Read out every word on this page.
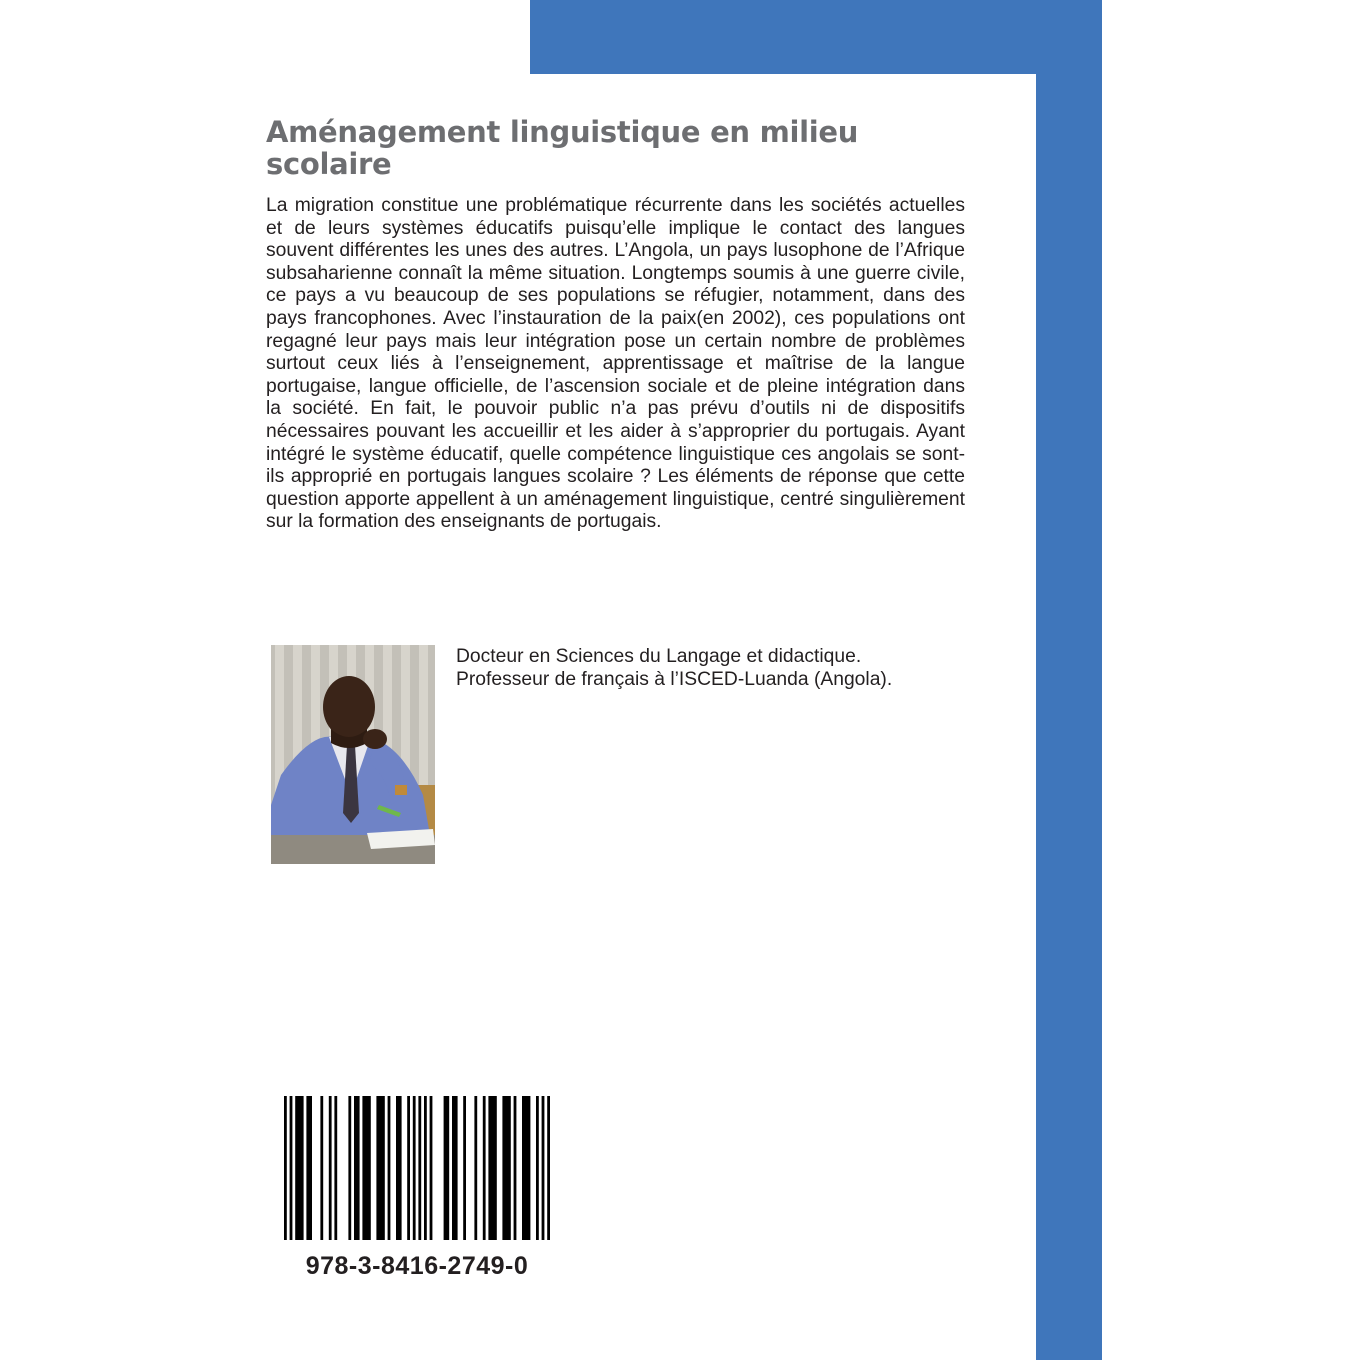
Aménagement linguistique en milieu scolaire

La migration constitue une problématique récurrente dans les sociétés actuelles et de leurs systèmes éducatifs puisqu’elle implique le contact des langues souvent différentes les unes des autres. L’Angola, un pays lusophone de l’Afrique subsaharienne connaît la même situation. Longtemps soumis à une guerre civile, ce pays a vu beaucoup de ses populations se réfugier, notamment, dans des pays francophones. Avec l’instauration de la paix(en 2002), ces populations ont regagné leur pays mais leur intégration pose un certain nombre de problèmes surtout ceux liés à l’enseignement, apprentissage et maîtrise de la langue portugaise, langue officielle, de l’ascension sociale et de pleine intégration dans la société. En fait, le pouvoir public n’a pas prévu d’outils ni de dispositifs nécessaires pouvant les accueillir et les aider à s’approprier du portugais. Ayant intégré le système éducatif, quelle compétence linguistique ces angolais se sont-ils approprié en portugais langues scolaire ? Les éléments de réponse que cette question apporte appellent à un aménagement linguistique, centré singulièrement sur la formation des enseignants de portugais.

Docteur en Sciences du Langage et didactique.
Professeur de français à l’ISCED-Luanda (Angola).
978-3-8416-2749-0
